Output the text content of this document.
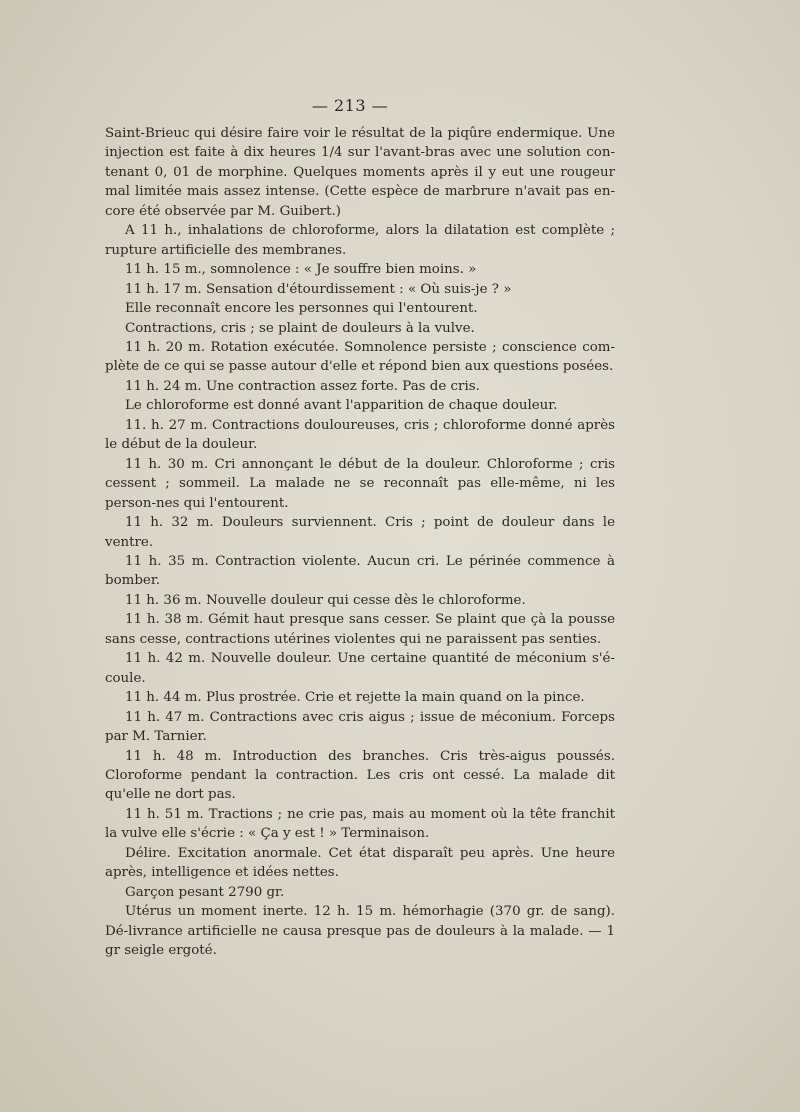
— 213 —

Saint-Brieuc qui désire faire voir le résultat de la piqûre endermique. Une injection est faite à dix heures 1/4 sur l'avant-bras avec une solution con-tenant 0, 01 de morphine. Quelques moments après il y eut une rougeur mal limitée mais assez intense. (Cette espèce de marbrure n'avait pas en-core été observée par M. Guibert.)

A 11 h., inhalations de chloroforme, alors la dilatation est complète ; rupture artificielle des membranes.

11 h. 15 m., somnolence : « Je souffre bien moins. »

11 h. 17 m. Sensation d'étourdissement : « Où suis-je ? »

Elle reconnaît encore les personnes qui l'entourent.

Contractions, cris ; se plaint de douleurs à la vulve.

11 h. 20 m. Rotation exécutée. Somnolence persiste ; conscience com-plète de ce qui se passe autour d'elle et répond bien aux questions posées.

11 h. 24 m. Une contraction assez forte. Pas de cris.

Le chloroforme est donné avant l'apparition de chaque douleur.

11. h. 27 m. Contractions douloureuses, cris ; chloroforme donné après le début de la douleur.

11 h. 30 m. Cri annonçant le début de la douleur. Chloroforme ; cris cessent ; sommeil. La malade ne se reconnaît pas elle-même, ni les person-nes qui l'entourent.

11 h. 32 m. Douleurs surviennent. Cris ; point de douleur dans le ventre.

11 h. 35 m. Contraction violente. Aucun cri. Le périnée commence à bomber.

11 h. 36 m. Nouvelle douleur qui cesse dès le chloroforme.

11 h. 38 m. Gémit haut presque sans cesser. Se plaint que çà la pousse sans cesse, contractions utérines violentes qui ne paraissent pas senties.

11 h. 42 m. Nouvelle douleur. Une certaine quantité de méconium s'é-coule.

11 h. 44 m. Plus prostrée. Crie et rejette la main quand on la pince.

11 h. 47 m. Contractions avec cris aigus ; issue de méconium. Forceps par M. Tarnier.

11 h. 48 m. Introduction des branches. Cris très-aigus poussés. Cloroforme pendant la contraction. Les cris ont cessé. La malade dit qu'elle ne dort pas.

11 h. 51 m. Tractions ; ne crie pas, mais au moment où la tête franchit la vulve elle s'écrie : « Ça y est ! » Terminaison.

Délire. Excitation anormale. Cet état disparaît peu après. Une heure après, intelligence et idées nettes.

Garçon pesant 2790 gr.

Utérus un moment inerte. 12 h. 15 m. hémorhagie (370 gr. de sang). Dé-livrance artificielle ne causa presque pas de douleurs à la malade. — 1 gr seigle ergoté.
